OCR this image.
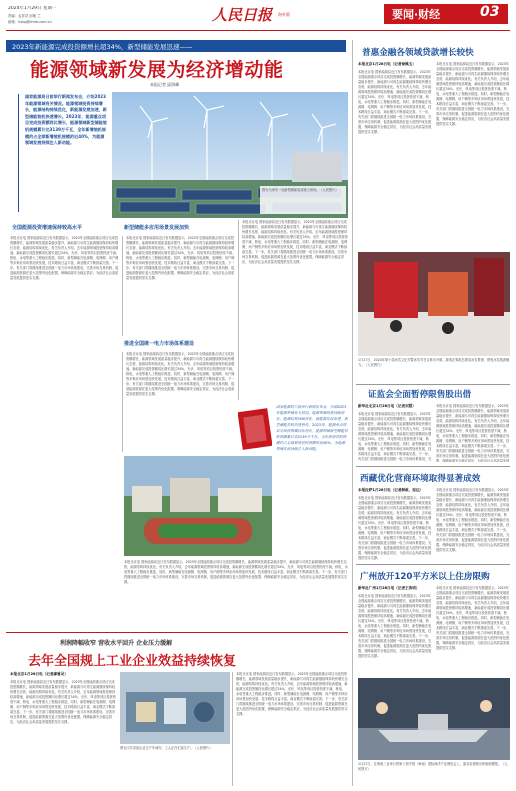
2024年1月29日 星期一
责编：孟祥洪 邱敏 兰
邮箱：hxbg@rmrb.com.cn	人民日报 海外版	要闻·财经	03
2023年新能源完成投资额增长超34%，新型储能发展迅速——
能源领域新发展为经济增动能
本报记者 邱海峰
国家能源局日前举行新闻发布会，介绍2023年能源领域有关情况。能源领域投资持续增长，能源结构持续优化，新能源发展加速，新型储能装机快速增长。2023年，能源重点项目完成投资额同比增长，能源领域新型储能装机规模累计达3139万千瓦，全年新增装机规模约占全球新增装机规模的近40%，为能源领域发展持续注入新动能。
图为天津市一处新型储能电站施工现场。（人民图片）
全国能源投资增速保持较高水平
本报北京电 国家能源局近日发布数据显示，2023年全国能源重点项目完成投资额增长，能源领域发展质量稳步提升，新能源与可再生能源继续保持较快增长态势，能源结构持续优化。有关负责人介绍，去年能源领域投资保持较高增速，新能源完成投资额同比增长超过34%，光伏、风电等项目投资热度不减，核电、水电等重大工程稳步推进。同时，新型储能在电源侧、电网侧、用户侧等多种应用场景加快发展，技术路线日益丰富，商业模式不断探索完善。下一步，有关部门将继续推进全国统一电力市场体系建设，完善市场交易机制，促进能源资源在更大范围内优化配置，保障能源安全稳定供应，为经济社会高质量发展提供坚实支撑。
新型储能多应用场景发展加快
本报北京电 国家能源局近日发布数据显示，2023年全国能源重点项目完成投资额增长，能源领域发展质量稳步提升，新能源与可再生能源继续保持较快增长态势，能源结构持续优化。有关负责人介绍，去年能源领域投资保持较高增速，新能源完成投资额同比增长超过34%，光伏、风电等项目投资热度不减，核电、水电等重大工程稳步推进。同时，新型储能在电源侧、电网侧、用户侧等多种应用场景加快发展，技术路线日益丰富，商业模式不断探索完善。下一步，有关部门将继续推进全国统一电力市场体系建设，完善市场交易机制，促进能源资源在更大范围内优化配置，保障能源安全稳定供应，为经济社会高质量发展提供坚实支撑。
推进全国统一电力市场体系建设
本报北京电 国家能源局近日发布数据显示，2023年全国能源重点项目完成投资额增长，能源领域发展质量稳步提升，新能源与可再生能源继续保持较快增长态势，能源结构持续优化。有关负责人介绍，去年能源领域投资保持较高增速，新能源完成投资额同比增长超过34%，光伏、风电等项目投资热度不减，核电、水电等重大工程稳步推进。同时，新型储能在电源侧、电网侧、用户侧等多种应用场景加快发展，技术路线日益丰富，商业模式不断探索完善。下一步，有关部门将继续推进全国统一电力市场体系建设，完善市场交易机制，促进能源资源在更大范围内优化配置，保障能源安全稳定供应，为经济社会高质量发展提供坚实支撑。
本报北京电 国家能源局近日发布数据显示，2023年全国能源重点项目完成投资额增长，能源领域发展质量稳步提升，新能源与可再生能源继续保持较快增长态势，能源结构持续优化。有关负责人介绍，去年能源领域投资保持较高增速，新能源完成投资额同比增长超过34%，光伏、风电等项目投资热度不减，核电、水电等重大工程稳步推进。同时，新型储能在电源侧、电网侧、用户侧等多种应用场景加快发展，技术路线日益丰富，商业模式不断探索完善。下一步，有关部门将继续推进全国统一电力市场体系建设，完善市场交易机制，促进能源资源在更大范围内优化配置，保障能源安全稳定供应，为经济社会高质量发展提供坚实支撑。
国家能源局日前举行新闻发布会，介绍2023年能源领域有关情况。能源领域投资持续增长，能源结构持续优化，新能源发展加速，新型储能装机快速增长。2023年，能源重点项目完成投资额同比增长，能源领域新型储能装机规模累计达3139万千瓦，全年新增装机规模约占全球新增装机规模的近40%，为能源领域发展持续注入新动能。
本报北京电 国家能源局近日发布数据显示，2023年全国能源重点项目完成投资额增长，能源领域发展质量稳步提升，新能源与可再生能源继续保持较快增长态势，能源结构持续优化。有关负责人介绍，去年能源领域投资保持较高增速，新能源完成投资额同比增长超过34%，光伏、风电等项目投资热度不减，核电、水电等重大工程稳步推进。同时，新型储能在电源侧、电网侧、用户侧等多种应用场景加快发展，技术路线日益丰富，商业模式不断探索完善。下一步，有关部门将继续推进全国统一电力市场体系建设，完善市场交易机制，促进能源资源在更大范围内优化配置，保障能源安全稳定供应，为经济社会高质量发展提供坚实支撑。
利润降幅收窄 营收水平回升 企业压力缓解
去年全国规上工业企业效益持续恢复
本报北京1月28日电（记者廖睿灵）
本报北京电 国家能源局近日发布数据显示，2023年全国能源重点项目完成投资额增长，能源领域发展质量稳步提升，新能源与可再生能源继续保持较快增长态势，能源结构持续优化。有关负责人介绍，去年能源领域投资保持较高增速，新能源完成投资额同比增长超过34%，光伏、风电等项目投资热度不减，核电、水电等重大工程稳步推进。同时，新型储能在电源侧、电网侧、用户侧等多种应用场景加快发展，技术路线日益丰富，商业模式不断探索完善。下一步，有关部门将继续推进全国统一电力市场体系建设，完善市场交易机制，促进能源资源在更大范围内优化配置，保障能源安全稳定供应，为经济社会高质量发展提供坚实支撑。
图为江苏省某企业生产车间内，工人正在忙碌生产。（人民图片）
本报北京电 国家能源局近日发布数据显示，2023年全国能源重点项目完成投资额增长，能源领域发展质量稳步提升，新能源与可再生能源继续保持较快增长态势，能源结构持续优化。有关负责人介绍，去年能源领域投资保持较高增速，新能源完成投资额同比增长超过34%，光伏、风电等项目投资热度不减，核电、水电等重大工程稳步推进。同时，新型储能在电源侧、电网侧、用户侧等多种应用场景加快发展，技术路线日益丰富，商业模式不断探索完善。下一步，有关部门将继续推进全国统一电力市场体系建设，完善市场交易机制，促进能源资源在更大范围内优化配置，保障能源安全稳定供应，为经济社会高质量发展提供坚实支撑。
普惠金融各领域贷款增长较快
本报北京1月28日电（记者徐佩玉）
本报北京电 国家能源局近日发布数据显示，2023年全国能源重点项目完成投资额增长，能源领域发展质量稳步提升，新能源与可再生能源继续保持较快增长态势，能源结构持续优化。有关负责人介绍，去年能源领域投资保持较高增速，新能源完成投资额同比增长超过34%，光伏、风电等项目投资热度不减，核电、水电等重大工程稳步推进。同时，新型储能在电源侧、电网侧、用户侧等多种应用场景加快发展，技术路线日益丰富，商业模式不断探索完善。下一步，有关部门将继续推进全国统一电力市场体系建设，完善市场交易机制，促进能源资源在更大范围内优化配置，保障能源安全稳定供应，为经济社会高质量发展提供坚实支撑。
本报北京电 国家能源局近日发布数据显示，2023年全国能源重点项目完成投资额增长，能源领域发展质量稳步提升，新能源与可再生能源继续保持较快增长态势，能源结构持续优化。有关负责人介绍，去年能源领域投资保持较高增速，新能源完成投资额同比增长超过34%，光伏、风电等项目投资热度不减，核电、水电等重大工程稳步推进。同时，新型储能在电源侧、电网侧、用户侧等多种应用场景加快发展，技术路线日益丰富，商业模式不断探索完善。下一步，有关部门将继续推进全国统一电力市场体系建设，完善市场交易机制，促进能源资源在更大范围内优化配置，保障能源安全稳定供应，为经济社会高质量发展提供坚实支撑。
1月27日，2024年第十届冰雪文化节暨冰雪节在吉林市开幕。游客在雾凇岛观赏冰雪景观，感受冰雪旅游魅力。（人民图片）
证监会全面暂停限售股出借
新华社北京1月28日电（记者刘慧）
本报北京电 国家能源局近日发布数据显示，2023年全国能源重点项目完成投资额增长，能源领域发展质量稳步提升，新能源与可再生能源继续保持较快增长态势，能源结构持续优化。有关负责人介绍，去年能源领域投资保持较高增速，新能源完成投资额同比增长超过34%，光伏、风电等项目投资热度不减，核电、水电等重大工程稳步推进。同时，新型储能在电源侧、电网侧、用户侧等多种应用场景加快发展，技术路线日益丰富，商业模式不断探索完善。下一步，有关部门将继续推进全国统一电力市场体系建设，完
本报北京电 国家能源局近日发布数据显示，2023年全国能源重点项目完成投资额增长，能源领域发展质量稳步提升，新能源与可再生能源继续保持较快增长态势，能源结构持续优化。有关负责人介绍，去年能源领域投资保持较高增速，新能源完成投资额同比增长超过34%，光伏、风电等项目投资热度不减，核电、水电等重大工程稳步推进。同时，新型储能在电源侧、电网侧、用户侧等多种应用场景加快发展，技术路线日益丰富，商业模式不断探索完善。下一步，有关部门将继续推进全国统一电力市场体系建设，完善市场交易机制，促进能源资源在更大范围内优化配置，保障能源安全稳定供应，为经济社会高质量发展
西藏优化营商环境取得显著成效
本报拉萨1月28日电（记者鲜敢、琼达）
本报北京电 国家能源局近日发布数据显示，2023年全国能源重点项目完成投资额增长，能源领域发展质量稳步提升，新能源与可再生能源继续保持较快增长态势，能源结构持续优化。有关负责人介绍，去年能源领域投资保持较高增速，新能源完成投资额同比增长超过34%，光伏、风电等项目投资热度不减，核电、水电等重大工程稳步推进。同时，新型储能在电源侧、电网侧、用户侧等多种应用场景加快发展，技术路线日益丰富，商业模式不断探索完善。下一步，有关部门将继续推进全国统一电力市场体系建设，完善市场交易机制，促进能源资源在更大范围内优化配置，保障能源安全稳定供应，为经济社会高质量发展提供坚实支撑。
本报北京电 国家能源局近日发布数据显示，2023年全国能源重点项目完成投资额增长，能源领域发展质量稳步提升，新能源与可再生能源继续保持较快增长态势，能源结构持续优化。有关负责人介绍，去年能源领域投资保持较高增速，新能源完成投资额同比增长超过34%，光伏、风电等项目投资热度不减，核电、水电等重大工程稳步推进。同时，新型储能在电源侧、电网侧、用户侧等多种应用场景加快发展，技术路线日益丰富，商业模式不断探索完善。下一步，有关部门将继续推进全国统一电力市场体系建设，完善市场交易机制，促进能源资源在更大范围内优化配置，保障能源安全稳定供应，为经济社会高质量发展提供坚实支撑。
广州放开120平方米以上住房限购
新华社广州1月28日电（记者王浩明）
本报北京电 国家能源局近日发布数据显示，2023年全国能源重点项目完成投资额增长，能源领域发展质量稳步提升，新能源与可再生能源继续保持较快增长态势，能源结构持续优化。有关负责人介绍，去年能源领域投资保持较高增速，新能源完成投资额同比增长超过34%，光伏、风电等项目投资热度不减，核电、水电等重大工程稳步推进。同时，新型储能在电源侧、电网侧、用户侧等多种应用场景加快发展，技术路线日益丰富，商业模式不断探索完善。下一步，有关部门将继续推进全国统一电力市场体系建设，完善市场交易机制，促进能源资源在更大范围内优化配置，保障能源安全稳定供应，为经济社会高质量发展提供坚实支撑。
本报北京电 国家能源局近日发布数据显示，2023年全国能源重点项目完成投资额增长，能源领域发展质量稳步提升，新能源与可再生能源继续保持较快增长态势，能源结构持续优化。有关负责人介绍，去年能源领域投资保持较高增速，新能源完成投资额同比增长超过34%，光伏、风电等项目投资热度不减，核电、水电等重大工程稳步推进。同时，新型储能在电源侧、电网侧、用户侧等多种应用场景加快发展，技术路线日益丰富，商业模式不断探索完善。下一步，有关部门将继续推进全国统一电力市场体系建设，完善市场交易机制，促进能源资源在更大范围内优化配置，保障能源安全稳定供应，为经济社会高质量发展提供坚实支撑。
1月27日，在海南三亚举行的第十届中国（海南）国际海洋产业博览会上，嘉宾参观展出的船舶模型。（人民图片）
